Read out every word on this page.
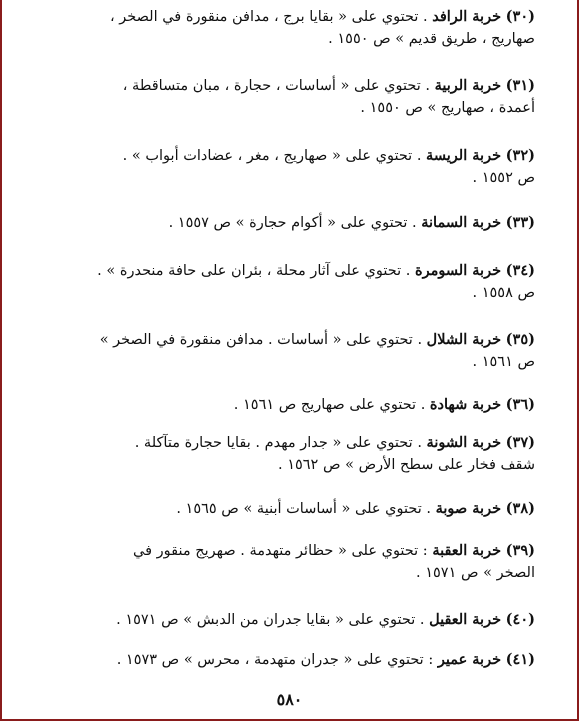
(٣٠) خربة الرافد . تحتوي على « بقايا برج ، مدافن منقورة في الصخر ،
صهاريج ، طريق قديم » ص ١٥٥٠ .
(٣١) خربة الربية . تحتوي على « أساسات ، حجارة ، مبان متساقطة ،
أعمدة ، صهاريج » ص ١٥٥٠ .
(٣٢) خربة الريسة . تحتوي على « صهاريج ، مغر ، عضادات أبواب » .
ص ١٥٥٢ .
(٣٣) خربة السمانة . تحتوي على « أكوام حجارة » ص ١٥٥٧ .
(٣٤) خربة السومرة . تحتوي على آثار محلة ، بئران على حافة منحدرة » .
ص ١٥٥٨ .
(٣٥) خربة الشلال . تحتوي على « أساسات . مدافن منقورة في الصخر »
ص ١٥٦١ .
(٣٦) خربة شهادة . تحتوي على صهاريج ص ١٥٦١ .
(٣٧) خربة الشونة . تحتوي على « جدار مهدم . بقايا حجارة متآكلة .
شقف فخار على سطح الأرض » ص ١٥٦٢ .
(٣٨) خربة صوبة . تحتوي على « أساسات أبنية » ص ١٥٦٥ .
(٣٩) خربة العقبة : تحتوي على « حظائر متهدمة . صهريج منقور في
الصخر » ص ١٥٧١ .
(٤٠) خربة العقيل . تحتوي على « بقايا جدران من الدبش » ص ١٥٧١ .
(٤١) خربة عمير : تحتوي على « جدران متهدمة ، محرس » ص ١٥٧٣ .
٥٨٠
